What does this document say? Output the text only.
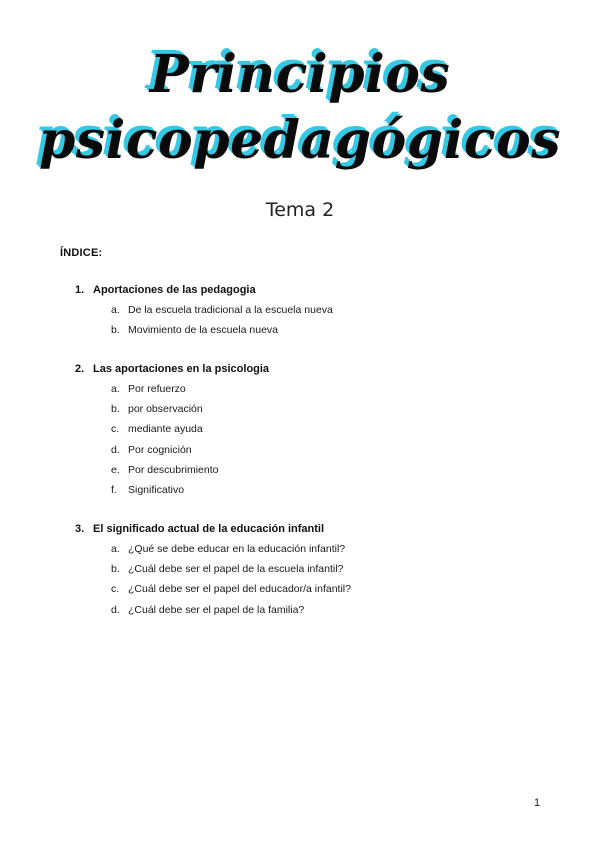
Principios
psicopedagógicos
Tema 2
ÍNDICE:
1. Aportaciones de las pedagogia
a. De la escuela tradicional a la escuela nueva
b. Movimiento de la escuela nueva
2. Las aportaciones en la psicologia
a. Por refuerzo
b. por observación
c. mediante ayuda
d. Por cognición
e. Por descubrimiento
f. Significativo
3. El significado actual de la educación infantil
a. ¿Qué se debe educar en la educación infantil?
b. ¿Cuál debe ser el papel de la escuela infantil?
c. ¿Cuál debe ser el papel del educador/a infantil?
d. ¿Cuál debe ser el papel de la familia?
1
